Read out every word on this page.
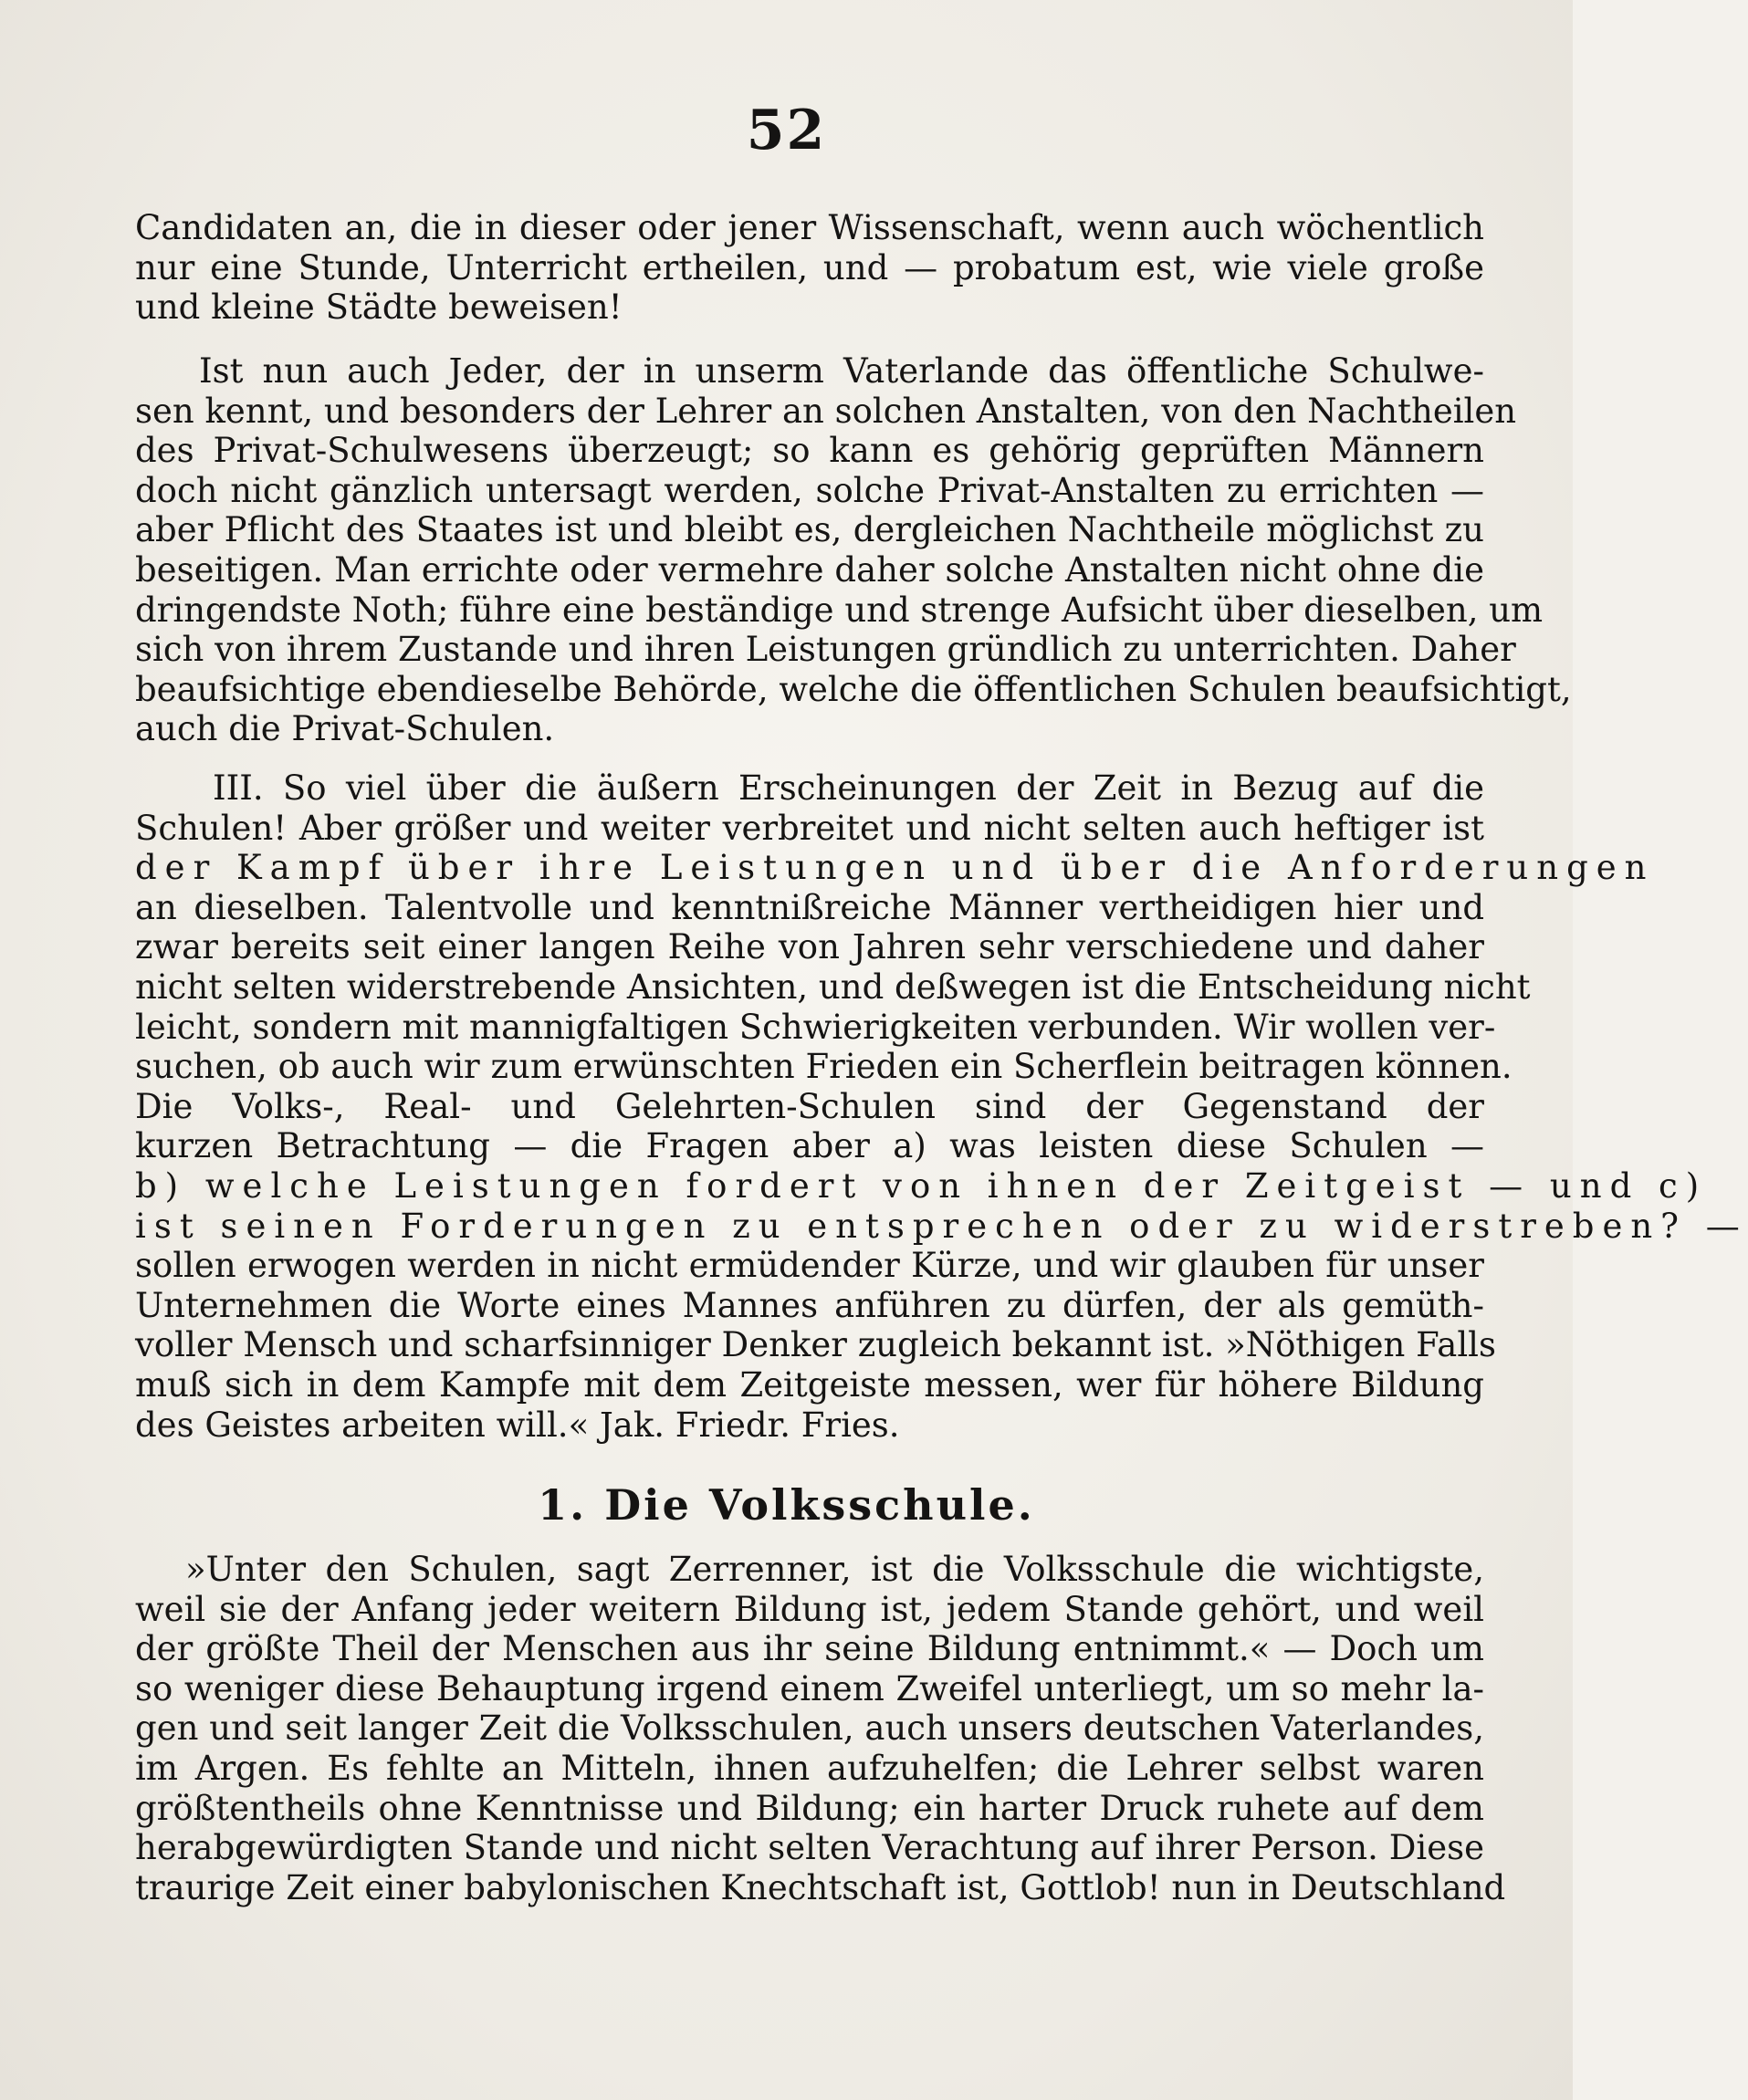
52
Candidaten an, die in dieser oder jener Wissenschaft, wenn auch wöchentlich
nur eine Stunde, Unterricht ertheilen, und — probatum est, wie viele große
und kleine Städte beweisen!
Ist nun auch Jeder, der in unserm Vaterlande das öffentliche Schulwe-
sen kennt, und besonders der Lehrer an solchen Anstalten, von den Nachtheilen
des Privat-Schulwesens überzeugt; so kann es gehörig geprüften Männern
doch nicht gänzlich untersagt werden, solche Privat-Anstalten zu errichten —
aber Pflicht des Staates ist und bleibt es, dergleichen Nachtheile möglichst zu
beseitigen. Man errichte oder vermehre daher solche Anstalten nicht ohne die
dringendste Noth; führe eine beständige und strenge Aufsicht über dieselben, um
sich von ihrem Zustande und ihren Leistungen gründlich zu unterrichten. Daher
beaufsichtige ebendieselbe Behörde, welche die öffentlichen Schulen beaufsichtigt,
auch die Privat-Schulen.
III. So viel über die äußern Erscheinungen der Zeit in Bezug auf die
Schulen! Aber größer und weiter verbreitet und nicht selten auch heftiger ist
der Kampf über ihre Leistungen und über die Anforderungen
an dieselben. Talentvolle und kenntnißreiche Männer vertheidigen hier und
zwar bereits seit einer langen Reihe von Jahren sehr verschiedene und daher
nicht selten widerstrebende Ansichten, und deßwegen ist die Entscheidung nicht
leicht, sondern mit mannigfaltigen Schwierigkeiten verbunden. Wir wollen ver-
suchen, ob auch wir zum erwünschten Frieden ein Scherflein beitragen können.
Die Volks-, Real- und Gelehrten-Schulen sind der Gegenstand der
kurzen Betrachtung — die Fragen aber a) was leisten diese Schulen —
b) welche Leistungen fordert von ihnen der Zeitgeist — und c)
ist seinen Forderungen zu entsprechen oder zu widerstreben? —
sollen erwogen werden in nicht ermüdender Kürze, und wir glauben für unser
Unternehmen die Worte eines Mannes anführen zu dürfen, der als gemüth-
voller Mensch und scharfsinniger Denker zugleich bekannt ist. »Nöthigen Falls
muß sich in dem Kampfe mit dem Zeitgeiste messen, wer für höhere Bildung
des Geistes arbeiten will.« Jak. Friedr. Fries.
1. Die Volksschule.
»Unter den Schulen, sagt Zerrenner, ist die Volksschule die wichtigste,
weil sie der Anfang jeder weitern Bildung ist, jedem Stande gehört, und weil
der größte Theil der Menschen aus ihr seine Bildung entnimmt.« — Doch um
so weniger diese Behauptung irgend einem Zweifel unterliegt, um so mehr la-
gen und seit langer Zeit die Volksschulen, auch unsers deutschen Vaterlandes,
im Argen. Es fehlte an Mitteln, ihnen aufzuhelfen; die Lehrer selbst waren
größtentheils ohne Kenntnisse und Bildung; ein harter Druck ruhete auf dem
herabgewürdigten Stande und nicht selten Verachtung auf ihrer Person. Diese
traurige Zeit einer babylonischen Knechtschaft ist, Gottlob! nun in Deutschland
